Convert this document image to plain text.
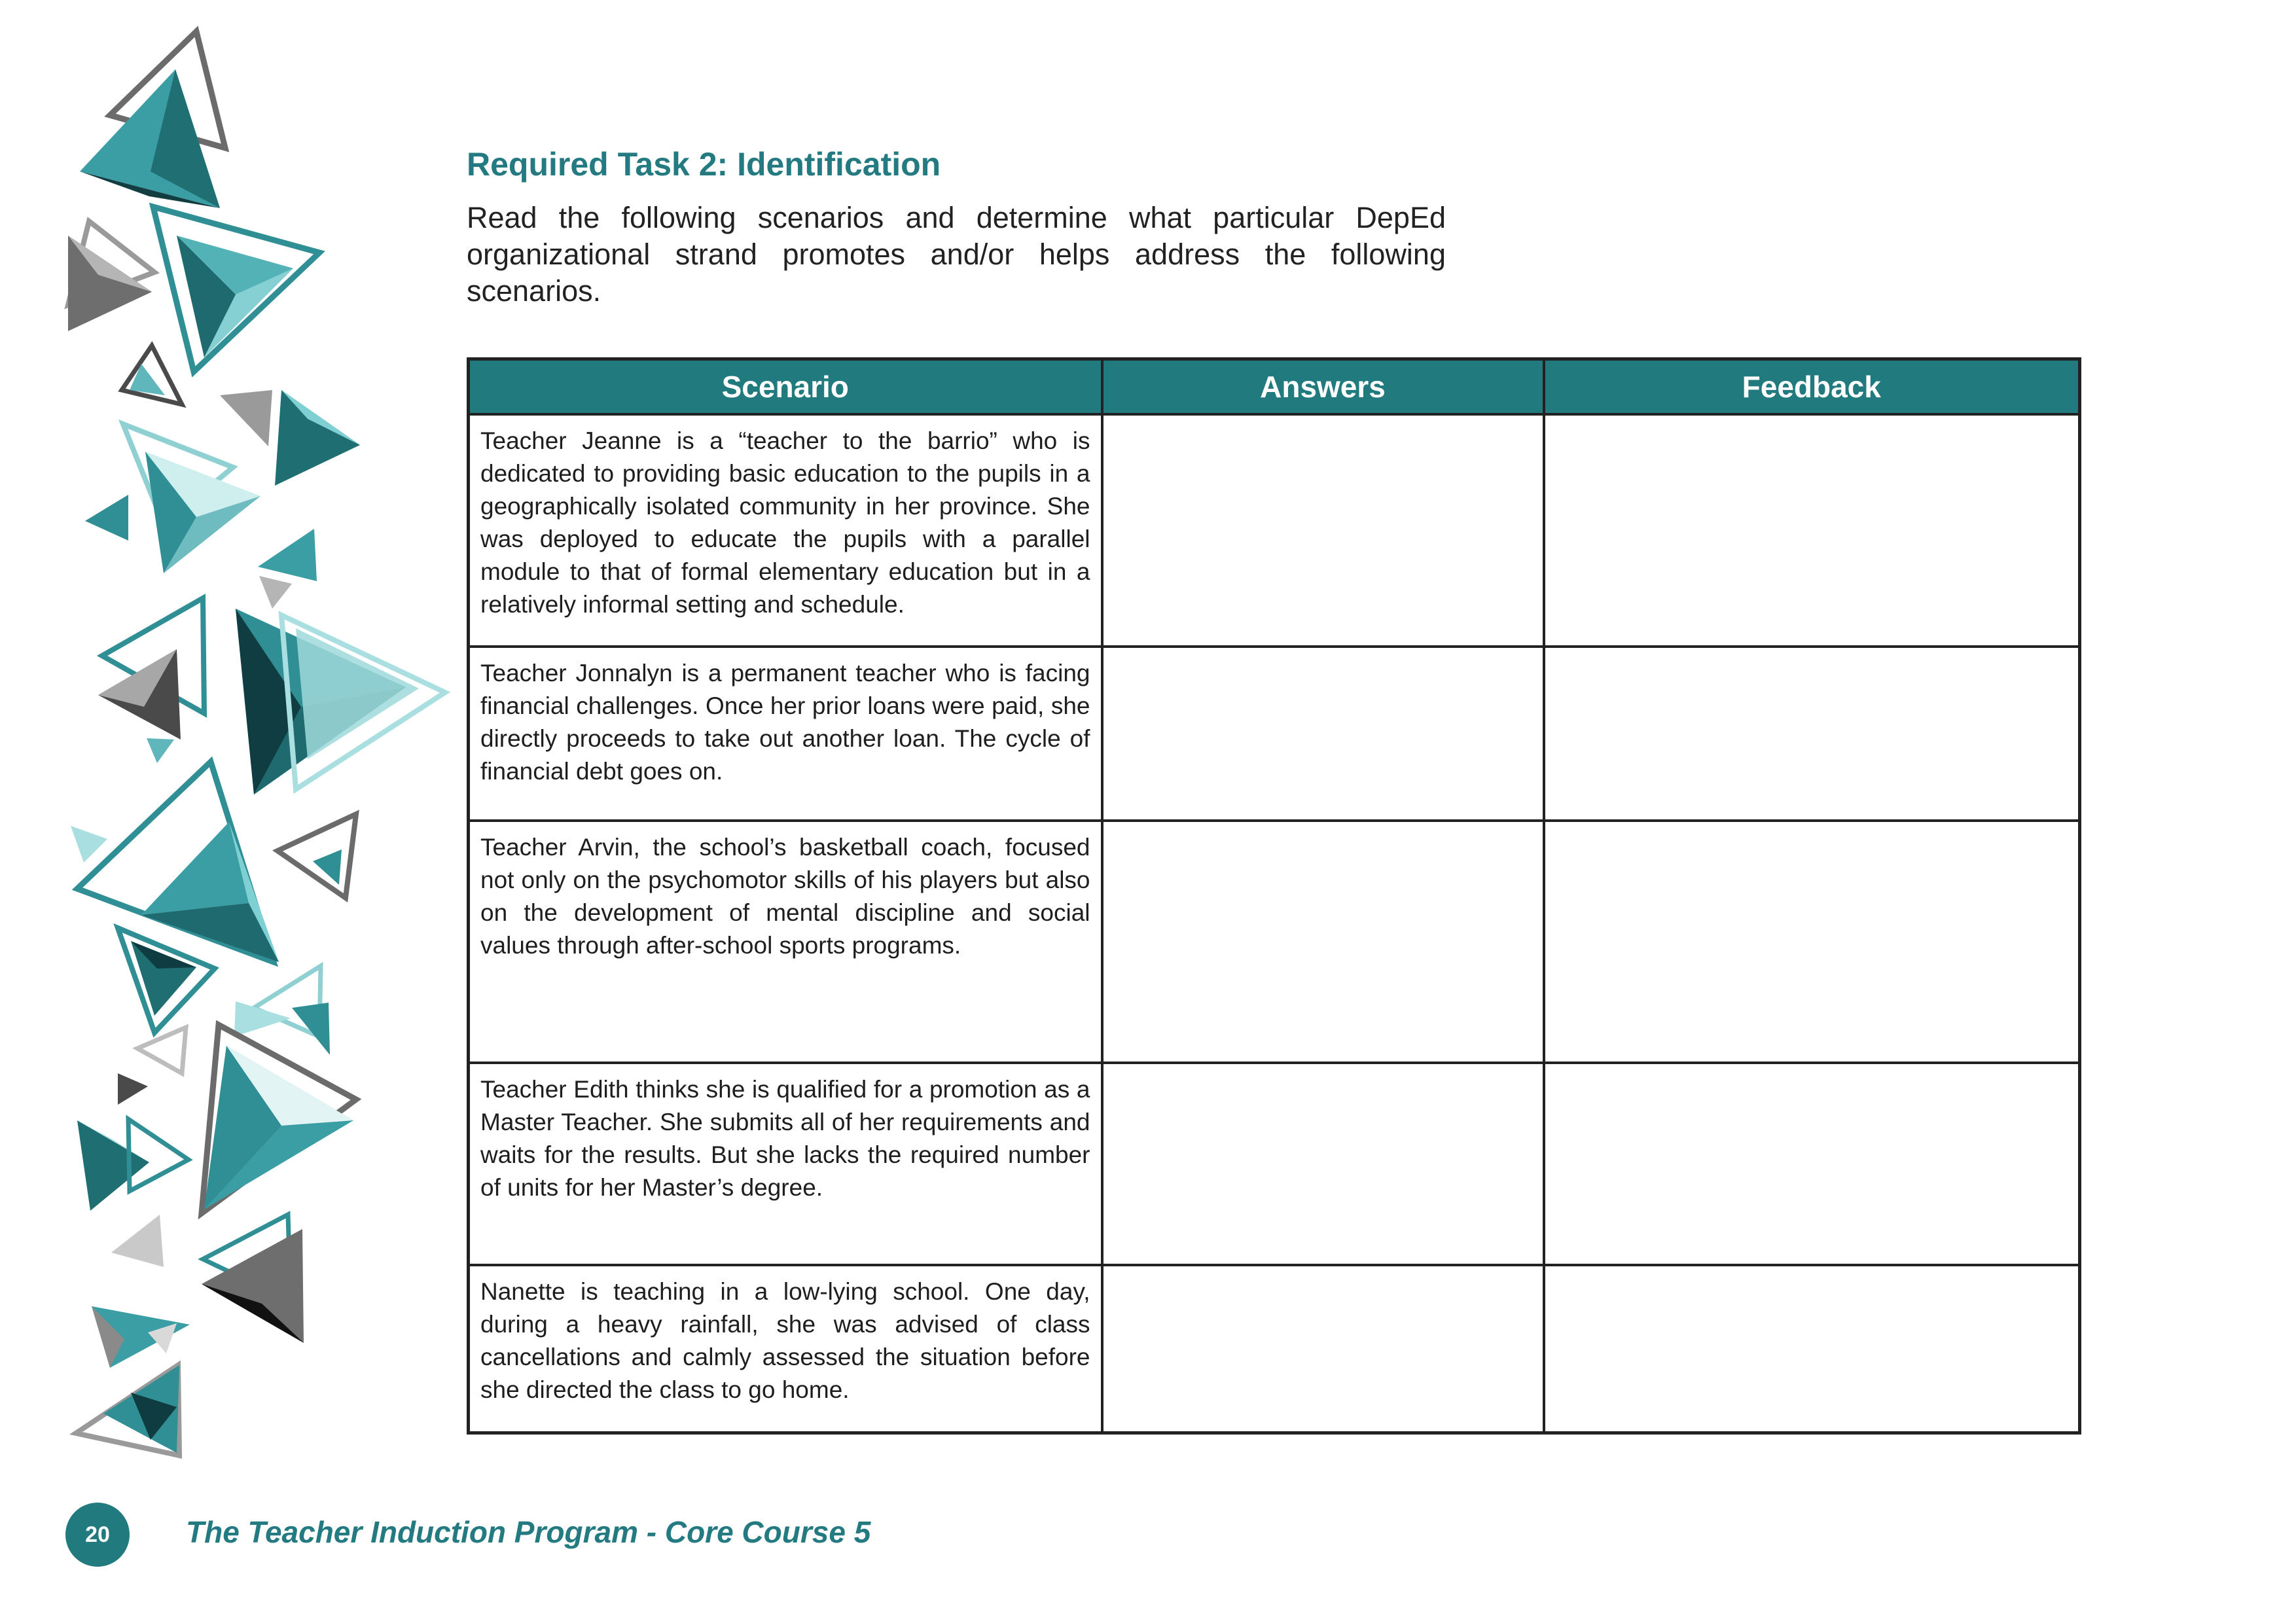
Required Task 2: Identification
Read the following scenarios and determine what particular DepEd organizational strand promotes and/or helps address the following scenarios.
Scenario	Answers	Feedback
Teacher Jeanne is a “teacher to the barrio” who is dedicated to providing basic education to the pupils in a geographically isolated community in her province. She was deployed to educate the pupils with a parallel module to that of formal elementary education but in a relatively informal setting and schedule.		
Teacher Jonnalyn is a permanent teacher who is facing financial challenges. Once her prior loans were paid, she directly proceeds to take out another loan. The cycle of financial debt goes on.		
Teacher Arvin, the school’s basketball coach, focused not only on the psychomotor skills of his players but also on the development of mental discipline and social values through after-school sports programs.		
Teacher Edith thinks she is qualified for a promotion as a Master Teacher. She submits all of her requirements and waits for the results. But she lacks the required number of units for her Master’s degree.		
Nanette is teaching in a low-lying school. One day, during a heavy rainfall, she was advised of class cancellations and calmly assessed the situation before she directed the class to go home.		
20	The Teacher Induction Program - Core Course 5
